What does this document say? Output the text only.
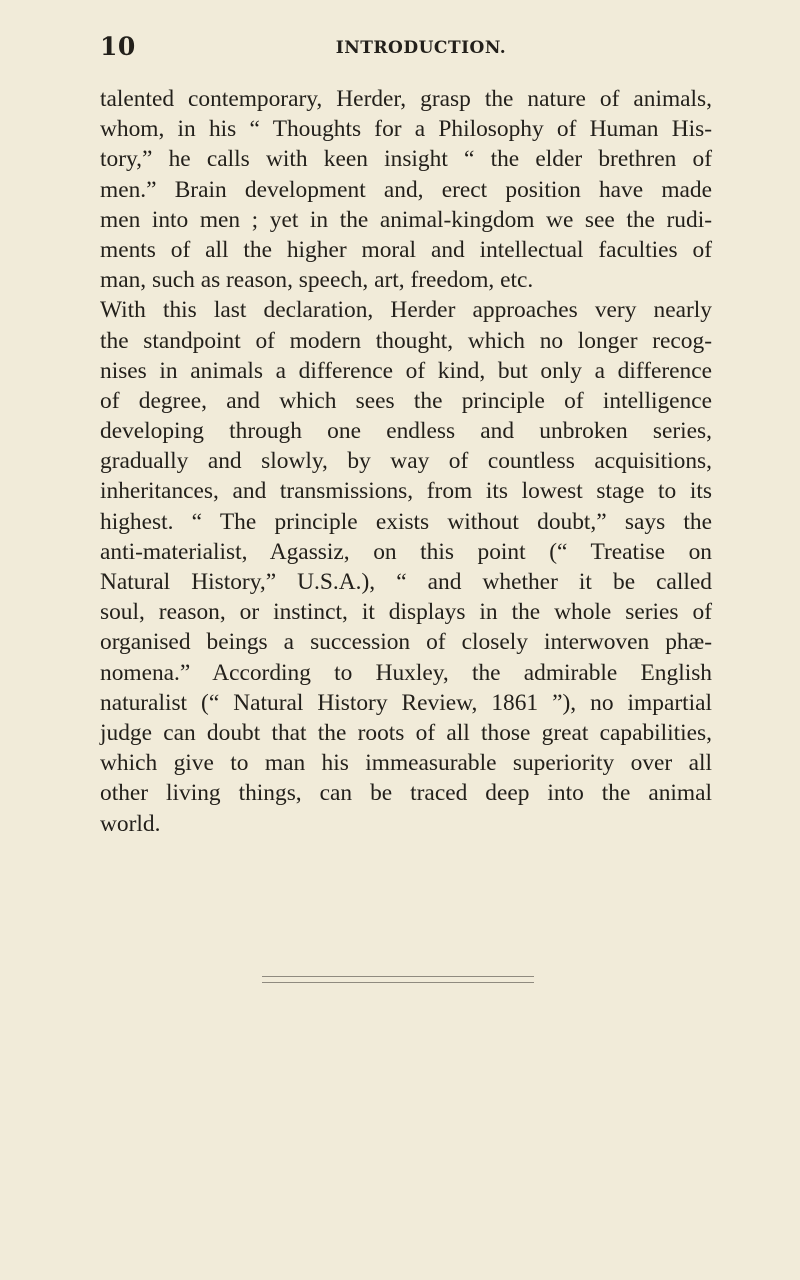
10	INTRODUCTION.
talented contemporary, Herder, grasp the nature of animals,
whom, in his “ Thoughts for a Philosophy of Human His-
tory,” he calls with keen insight “ the elder brethren of
men.” Brain development and, erect position have made
men into men ; yet in the animal-kingdom we see the rudi-
ments of all the higher moral and intellectual faculties of
man, such as reason, speech, art, freedom, etc.
With this last declaration, Herder approaches very nearly
the standpoint of modern thought, which no longer recog-
nises in animals a difference of kind, but only a difference
of degree, and which sees the principle of intelligence
developing through one endless and unbroken series,
gradually and slowly, by way of countless acquisitions,
inheritances, and transmissions, from its lowest stage to its
highest. “ The principle exists without doubt,” says the
anti-materialist, Agassiz, on this point (“ Treatise on
Natural History,” U.S.A.), “ and whether it be called
soul, reason, or instinct, it displays in the whole series of
organised beings a succession of closely interwoven phæ-
nomena.” According to Huxley, the admirable English
naturalist (“ Natural History Review, 1861 ”), no impartial
judge can doubt that the roots of all those great capabilities,
which give to man his immeasurable superiority over all
other living things, can be traced deep into the animal
world.
